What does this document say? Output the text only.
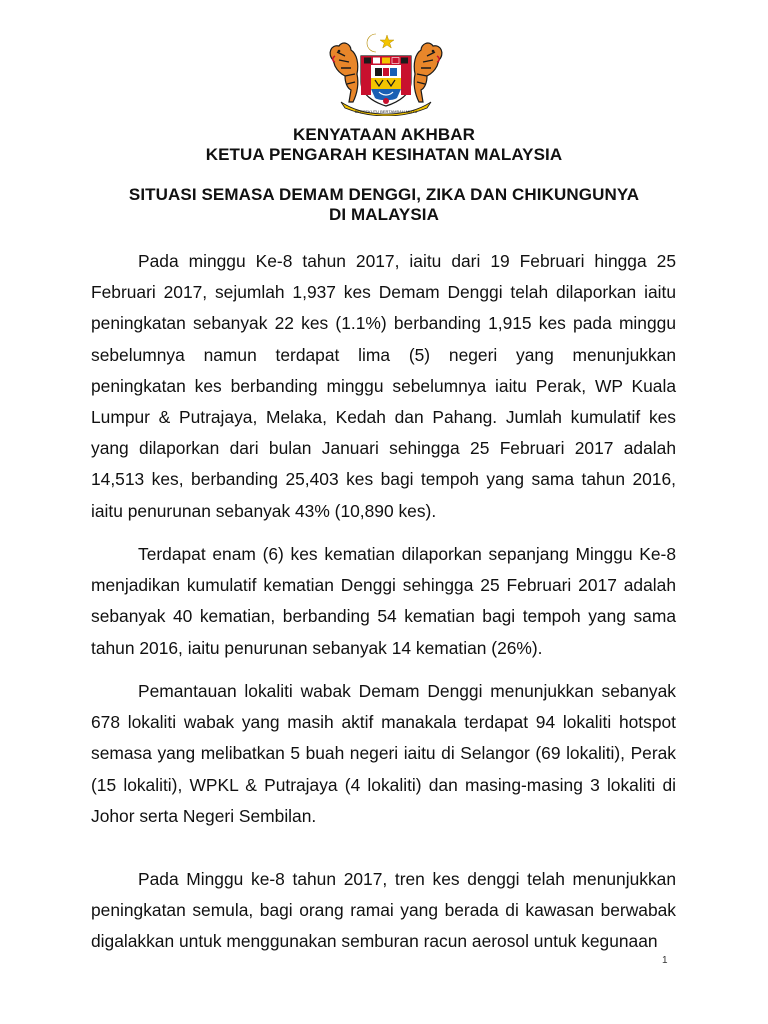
BERSEKUTU BERTAMBAH MUTU
KENYATAAN AKHBAR
KETUA PENGARAH KESIHATAN MALAYSIA
SITUASI SEMASA DEMAM DENGGI, ZIKA DAN CHIKUNGUNYA
DI MALAYSIA

Pada minggu Ke-8 tahun 2017, iaitu dari 19 Februari hingga 25 Februari 2017, sejumlah 1,937 kes Demam Denggi telah dilaporkan iaitu peningkatan sebanyak 22 kes (1.1%) berbanding 1,915 kes pada minggu sebelumnya namun terdapat lima (5) negeri yang menunjukkan peningkatan kes berbanding minggu sebelumnya iaitu Perak, WP Kuala Lumpur & Putrajaya, Melaka, Kedah dan Pahang. Jumlah kumulatif kes yang dilaporkan dari bulan Januari sehingga 25 Februari 2017 adalah 14,513 kes, berbanding 25,403 kes bagi tempoh yang sama tahun 2016, iaitu penurunan sebanyak 43% (10,890 kes).

Terdapat enam (6) kes kematian dilaporkan sepanjang Minggu Ke-8 menjadikan kumulatif kematian Denggi sehingga 25 Februari 2017 adalah sebanyak 40 kematian, berbanding 54 kematian bagi tempoh yang sama tahun 2016, iaitu penurunan sebanyak 14 kematian (26%).

Pemantauan lokaliti wabak Demam Denggi menunjukkan sebanyak 678 lokaliti wabak yang masih aktif manakala terdapat 94 lokaliti hotspot semasa yang melibatkan 5 buah negeri iaitu di Selangor (69 lokaliti), Perak (15 lokaliti), WPKL & Putrajaya (4 lokaliti) dan masing-masing 3 lokaliti di Johor serta Negeri Sembilan.

Pada Minggu ke-8 tahun 2017, tren kes denggi telah menunjukkan peningkatan semula, bagi orang ramai yang berada di kawasan berwabak digalakkan untuk menggunakan semburan racun aerosol untuk kegunaan

1
